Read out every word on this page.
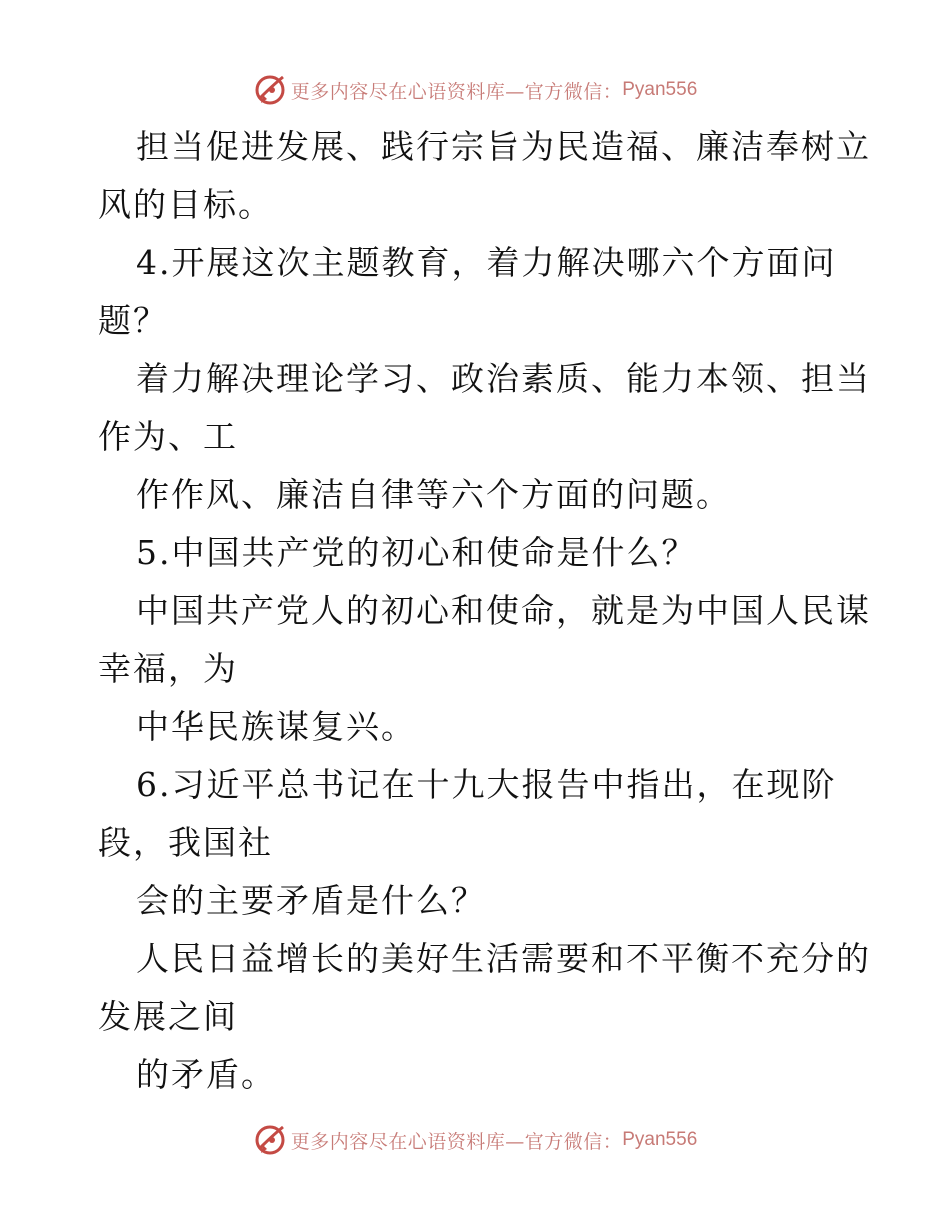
更多内容尽在心语资料库—官方微信： Pyan556
担当促进发展、践行宗旨为民造福、廉洁奉树立
风的目标。
4.开展这次主题教育，着力解决哪六个方面问
题？
着力解决理论学习、政治素质、能力本领、担当
作为、工
作作风、廉洁自律等六个方面的问题。
5.中国共产党的初心和使命是什么？
中国共产党人的初心和使命，就是为中国人民谋
幸福，为
中华民族谋复兴。
6.习近平总书记在十九大报告中指出，在现阶
段，我国社
会的主要矛盾是什么？
人民日益增长的美好生活需要和不平衡不充分的
发展之间
的矛盾。
更多内容尽在心语资料库—官方微信： Pyan556
